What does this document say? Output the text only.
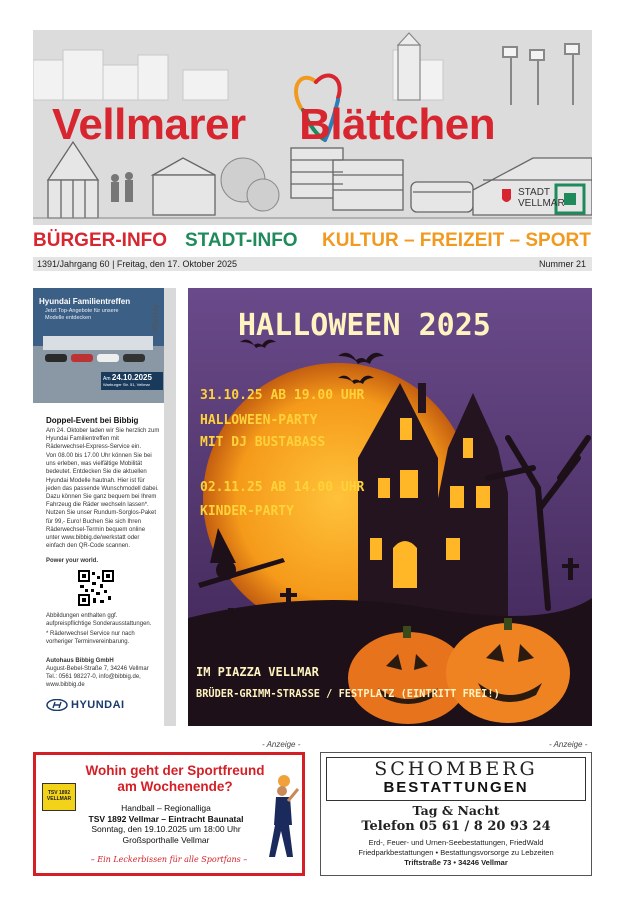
Vellmarer Blättchen
STADT
VELLMAR
BÜRGER-INFO STADT-INFO KULTUR – FREIZEIT – SPORT
1391/Jahrgang 60 | Freitag, den 17. Oktober 2025	Nummer 21
Hyundai Familientreffen
Jetzt Top-Angebote für unsere Modelle entdecken
Am 24.10.2025
Warburger Str. 51, Vellmar
- Anzeige -
Doppel-Event bei Bibbig
Am 24. Oktober laden wir Sie herzlich zum Hyundai Familientreffen mit Räderwechsel-Express-Service ein.
Von 08.00 bis 17.00 Uhr können Sie bei uns erleben, was vielfältige Mobilität bedeutet. Entdecken Sie die aktuellen Hyundai Modelle hautnah. Hier ist für jeden das passende Wunschmodell dabei. Dazu können Sie ganz bequem bei Ihrem Fahrzeug die Räder wechseln lassen*. Nutzen Sie unser Rundum-Sorglos-Paket für 99,- Euro! Buchen Sie sich Ihren Räderwechsel-Termin bequem online unter www.bibbig.de/werkstatt oder einfach den QR-Code scannen.
Power your world.
Abbildungen enthalten ggf. aufpreispflichtige Sonderausstattungen.
* Räderwechsel Service nur nach vorheriger Terminvereinbarung.
Autohaus Bibbig GmbH
August-Bebel-Straße 7, 34246 Vellmar
Tel.: 0561 98227-0, info@bibbig.de,
www.bibbig.de
HYUNDAI
HALLOWEEN 2025
31.10.25 AB 19.00 UHR
HALLOWEEN-PARTY
MIT DJ BUSTABASS
02.11.25 AB 14.00 UHR
KINDER-PARTY
IM PIAZZA VELLMAR
BRÜDER-GRIMM-STRASSE / FESTPLATZ (EINTRITT FREI!)
- Anzeige -
Wohin geht der Sportfreund
am Wochenende?
TSV 1892 VELLMAR
Handball – Regionalliga
TSV 1892 Vellmar – Eintracht Baunatal
Sonntag, den 19.10.2025 um 18:00 Uhr
Großsporthalle Vellmar
– Ein Leckerbissen für alle Sportfans –
- Anzeige -
SCHOMBERG
BESTATTUNGEN
Tag & Nacht
Telefon 05 61 / 8 20 93 24
Erd-, Feuer- und Urnen-Seebestattungen, FriedWald
Friedparkbestattungen • Bestattungsvorsorge zu Lebzeiten
Triftstraße 73 • 34246 Vellmar
